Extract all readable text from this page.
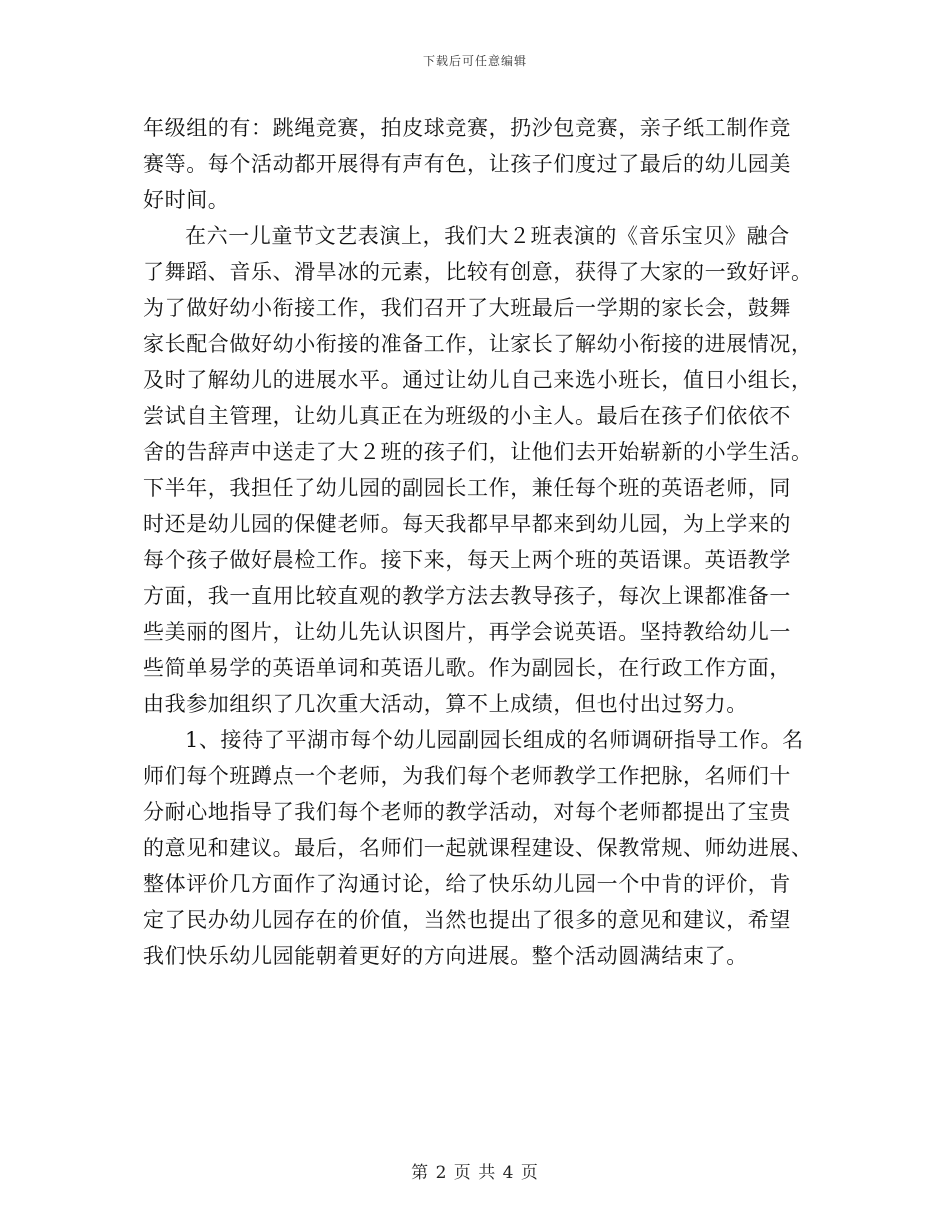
下载后可任意编辑
年级组的有：跳绳竞赛，拍皮球竞赛，扔沙包竞赛，亲子纸工制作竞
赛等。每个活动都开展得有声有色，让孩子们度过了最后的幼儿园美
好时间。
在六一儿童节文艺表演上，我们大２班表演的《音乐宝贝》融合
了舞蹈、音乐、滑旱冰的元素，比较有创意，获得了大家的一致好评。
为了做好幼小衔接工作，我们召开了大班最后一学期的家长会，鼓舞
家长配合做好幼小衔接的准备工作，让家长了解幼小衔接的进展情况，
及时了解幼儿的进展水平。通过让幼儿自己来选小班长，值日小组长，
尝试自主管理，让幼儿真正在为班级的小主人。最后在孩子们依依不
舍的告辞声中送走了大２班的孩子们，让他们去开始崭新的小学生活。
下半年，我担任了幼儿园的副园长工作，兼任每个班的英语老师，同
时还是幼儿园的保健老师。每天我都早早都来到幼儿园，为上学来的
每个孩子做好晨检工作。接下来，每天上两个班的英语课。英语教学
方面，我一直用比较直观的教学方法去教导孩子，每次上课都准备一
些美丽的图片，让幼儿先认识图片，再学会说英语。坚持教给幼儿一
些简单易学的英语单词和英语儿歌。作为副园长，在行政工作方面，
由我参加组织了几次重大活动，算不上成绩，但也付出过努力。
1、接待了平湖市每个幼儿园副园长组成的名师调研指导工作。名
师们每个班蹲点一个老师，为我们每个老师教学工作把脉，名师们十
分耐心地指导了我们每个老师的教学活动，对每个老师都提出了宝贵
的意见和建议。最后，名师们一起就课程建设、保教常规、师幼进展、
整体评价几方面作了沟通讨论，给了快乐幼儿园一个中肯的评价，肯
定了民办幼儿园存在的价值，当然也提出了很多的意见和建议，希望
我们快乐幼儿园能朝着更好的方向进展。整个活动圆满结束了。
第 2 页 共 4 页
